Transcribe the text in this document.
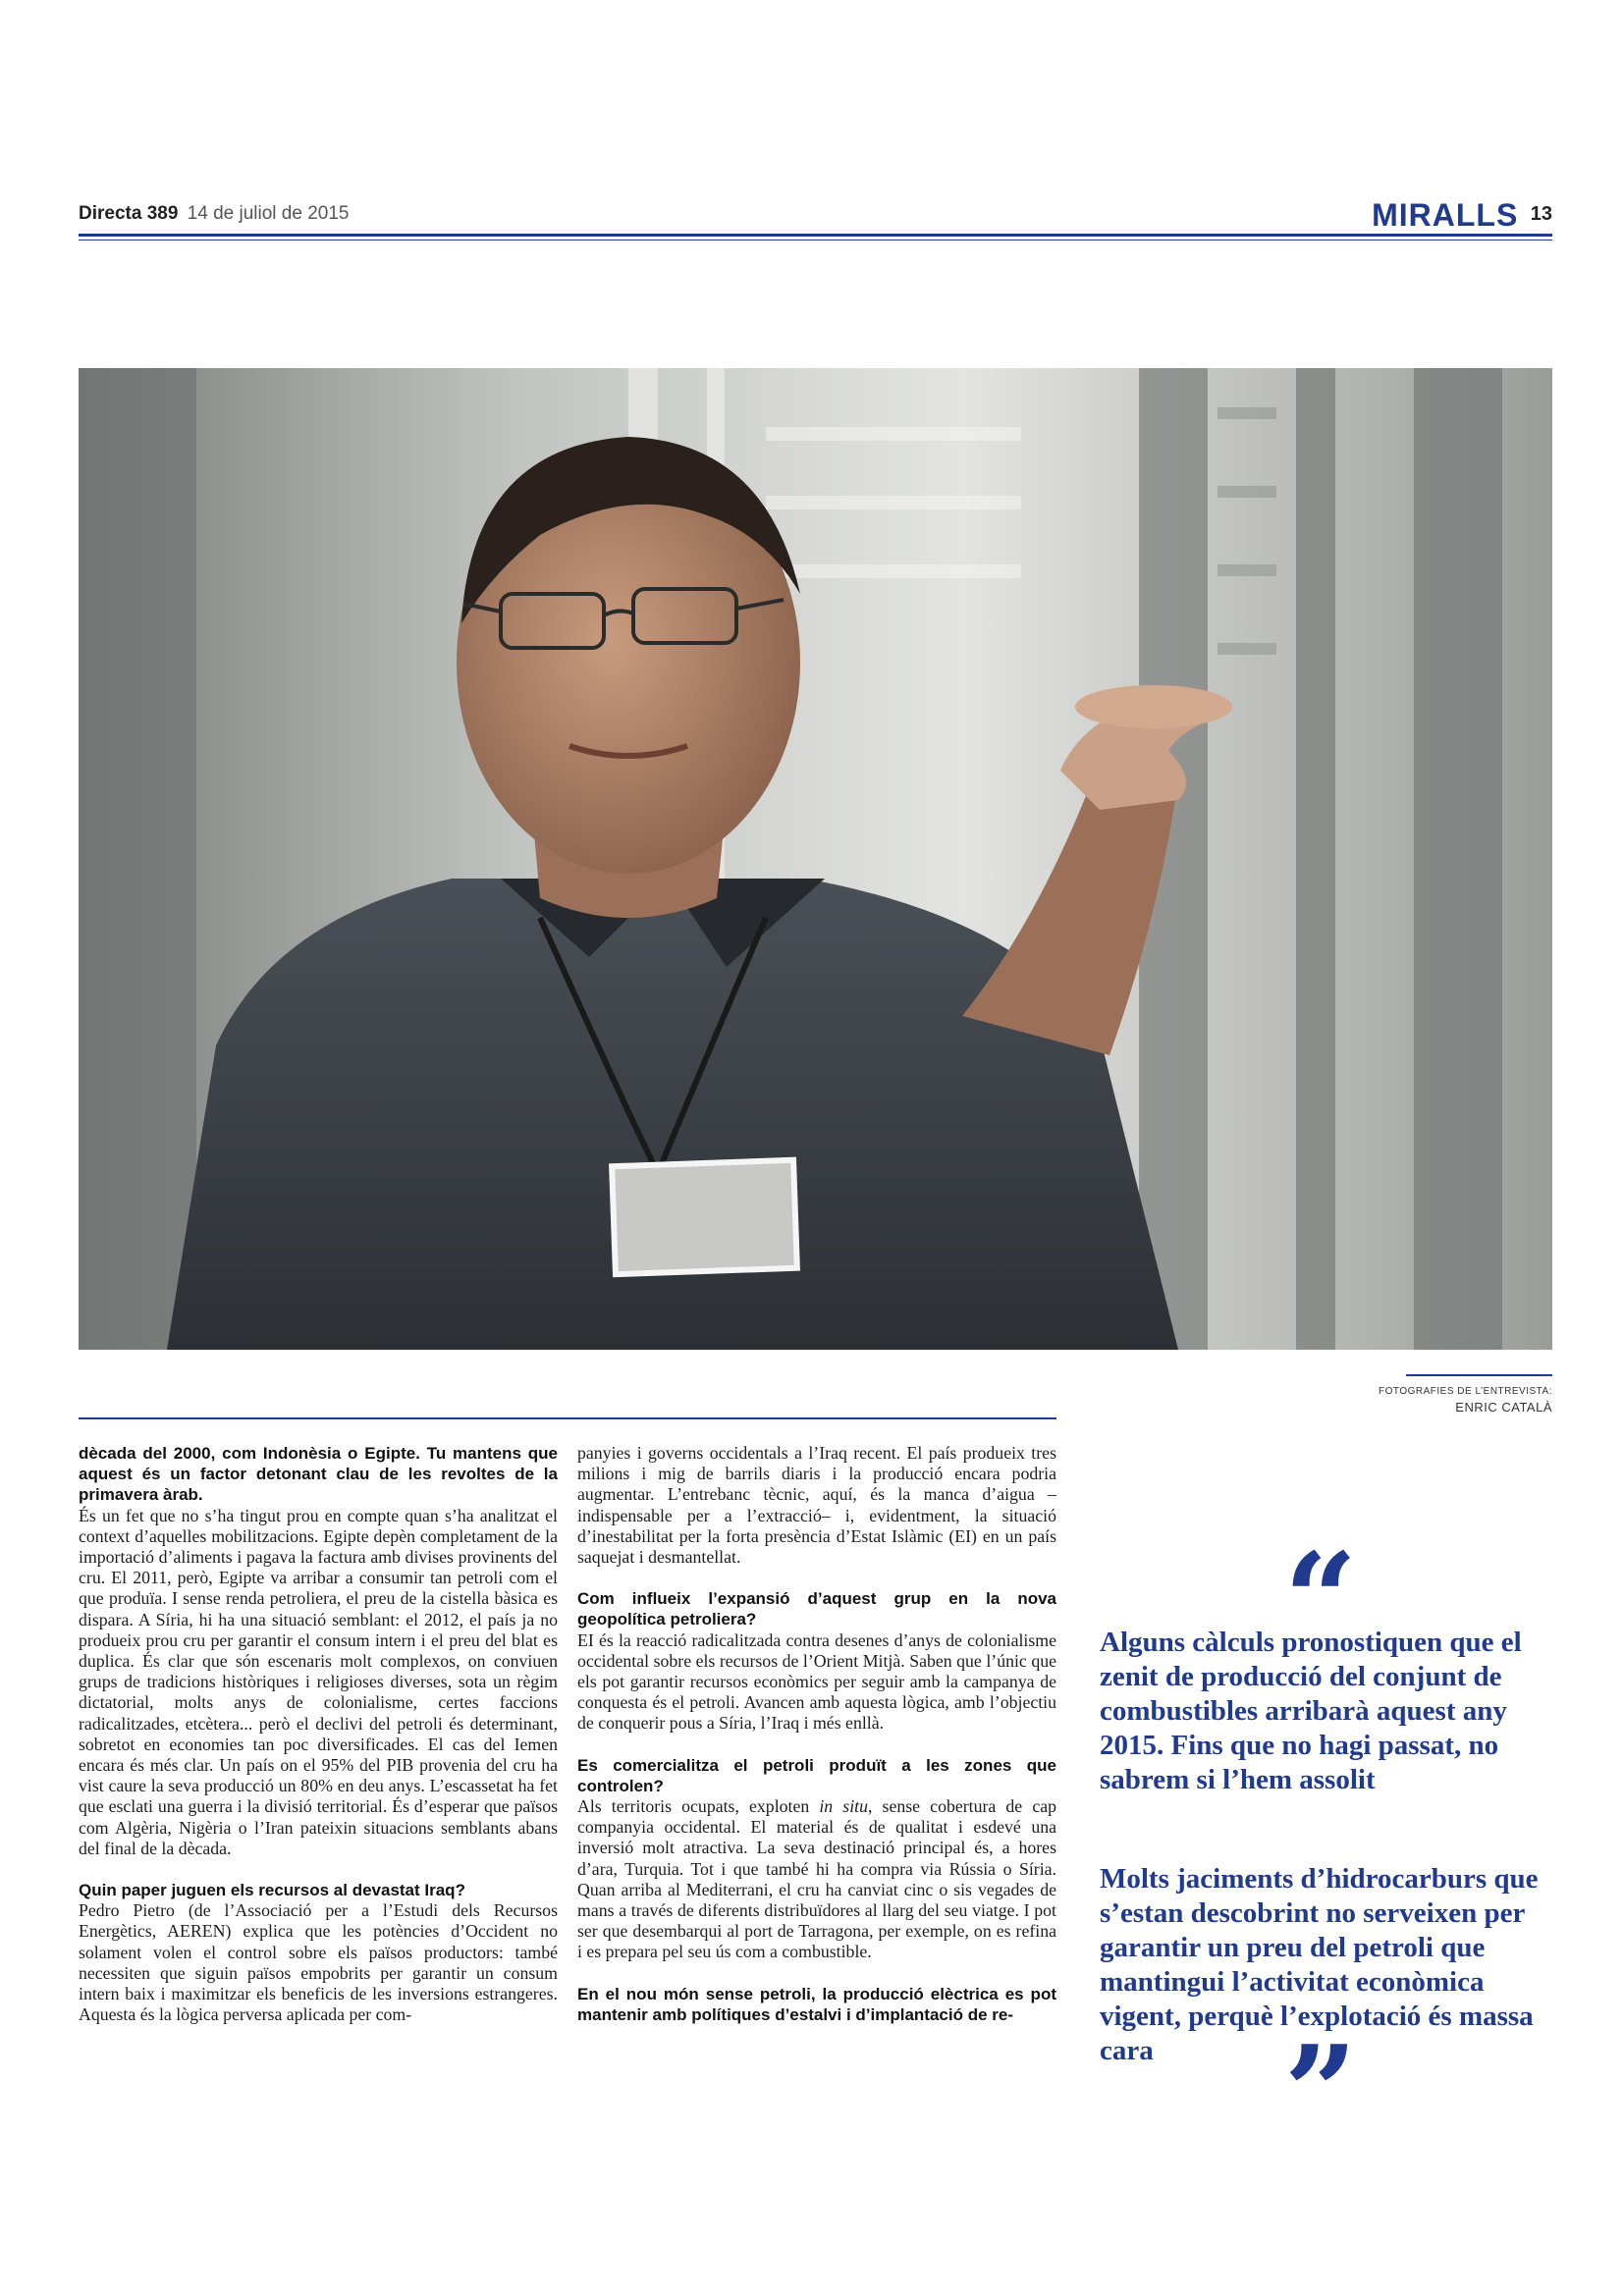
Directa 389 14 de juliol de 2015	MIRALLS 13
FOTOGRAFIES DE L’ENTREVISTA:
ENRIC CATALÀ

dècada del 2000, com Indonèsia o Egipte. Tu mantens que aquest és un factor detonant clau de les revoltes de la primavera àrab.

És un fet que no s’ha tingut prou en compte quan s’ha analitzat el context d’aquelles mobilitzacions. Egipte depèn completament de la importació d’aliments i pagava la factura amb divises provinents del cru. El 2011, però, Egipte va arribar a consumir tan petroli com el que produïa. I sense renda petroliera, el preu de la cistella bàsica es dispara. A Síria, hi ha una situació semblant: el 2012, el país ja no produeix prou cru per garantir el consum intern i el preu del blat es duplica. És clar que són escenaris molt complexos, on conviuen grups de tradicions històriques i religioses diverses, sota un règim dictatorial, molts anys de colonialisme, certes faccions radicalitzades, etcètera... però el declivi del petroli és determinant, sobretot en economies tan poc diversificades. El cas del Iemen encara és més clar. Un país on el 95% del PIB provenia del cru ha vist caure la seva producció un 80% en deu anys. L’escassetat ha fet que esclati una guerra i la divisió territorial. És d’esperar que països com Algèria, Nigèria o l’Iran pateixin situacions semblants abans del final de la dècada.

Quin paper juguen els recursos al devastat Iraq?

Pedro Pietro (de l’Associació per a l’Estudi dels Recursos Energètics, AEREN) explica que les potències d’Occident no solament volen el control sobre els països productors: també necessiten que siguin països empobrits per garantir un consum intern baix i maximitzar els beneficis de les inversions estrangeres. Aquesta és la lògica perversa aplicada per com-

panyies i governs occidentals a l’Iraq recent. El país produeix tres milions i mig de barrils diaris i la producció encara podria augmentar. L’entrebanc tècnic, aquí, és la manca d’aigua –indispensable per a l’extracció– i, evidentment, la situació d’inestabilitat per la forta presència d’Estat Islàmic (EI) en un país saquejat i desmantellat.

Com influeix l’expansió d’aquest grup en la nova geopolítica petroliera?

EI és la reacció radicalitzada contra desenes d’anys de colonialisme occidental sobre els recursos de l’Orient Mitjà. Saben que l’únic que els pot garantir recursos econòmics per seguir amb la campanya de conquesta és el petroli. Avancen amb aquesta lògica, amb l’objectiu de conquerir pous a Síria, l’Iraq i més enllà.

Es comercialitza el petroli produït a les zones que controlen?

Als territoris ocupats, exploten in situ, sense cobertura de cap companyia occidental. El material és de qualitat i esdevé una inversió molt atractiva. La seva destinació principal és, a hores d’ara, Turquia. Tot i que també hi ha compra via Rússia o Síria. Quan arriba al Mediterrani, el cru ha canviat cinc o sis vegades de mans a través de diferents distribuïdores al llarg del seu viatge. I pot ser que desembarqui al port de Tarragona, per exemple, on es refina i es prepara pel seu ús com a combustible.

En el nou món sense petroli, la producció elèctrica es pot mantenir amb polítiques d’estalvi i d’implantació de re-

“
Alguns càlculs pronostiquen que el zenit de producció del conjunt de combustibles arribarà aquest any 2015. Fins que no hagi passat, no sabrem si l’hem assolit
Molts jaciments d’hidrocarburs que s’estan descobrint no serveixen per garantir un preu del petroli que mantingui l’activitat econòmica vigent, perquè l’explotació és massa cara	”
